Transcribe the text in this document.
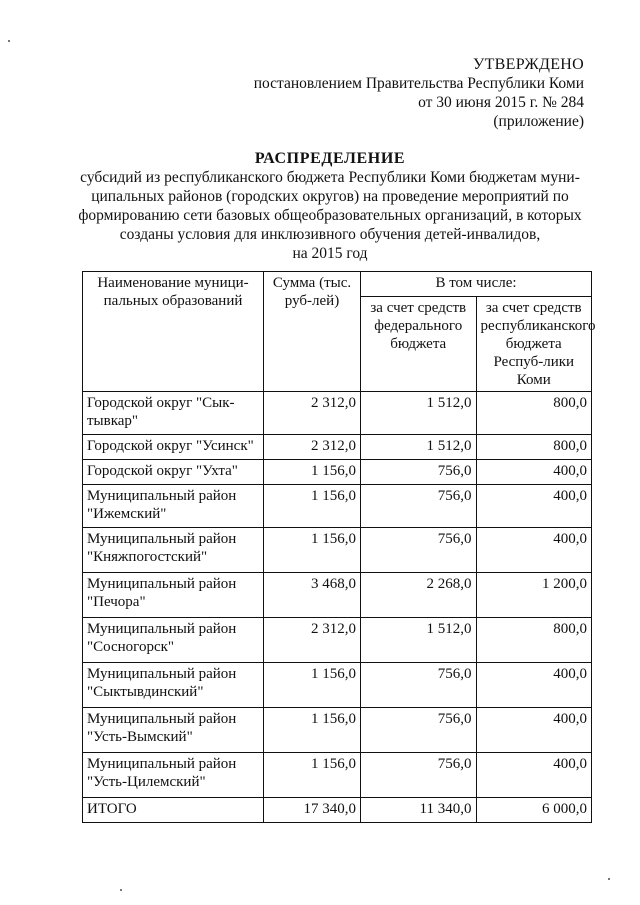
УТВЕРЖДЕНО
постановлением Правительства Республики Коми
от 30 июня 2015 г. № 284
(приложение)
РАСПРЕДЕЛЕНИЕ
субсидий из республиканского бюджета Республики Коми бюджетам муни-
ципальных районов (городских округов) на проведение мероприятий по
формированию сети базовых общеобразовательных организаций, в которых
созданы условия для инклюзивного обучения детей-инвалидов,
на 2015 год
Наименование муници-пальных образований	Сумма (тыс. руб-лей)	В том числе:	
		за счет средств федерального бюджета	за счет средств республиканского бюджета Респуб-лики Коми
Городской округ "Сык-тывкар"	2 312,0	1 512,0	800,0
Городской округ "Усинск"	2 312,0	1 512,0	800,0
Городской округ "Ухта"	1 156,0	756,0	400,0
Муниципальный район "Ижемский"	1 156,0	756,0	400,0
Муниципальный район "Княжпогостский"	1 156,0	756,0	400,0
Муниципальный район "Печора"	3 468,0	2 268,0	1 200,0
Муниципальный район "Сосногорск"	2 312,0	1 512,0	800,0
Муниципальный район "Сыктывдинский"	1 156,0	756,0	400,0
Муниципальный район "Усть-Вымский"	1 156,0	756,0	400,0
Муниципальный район "Усть-Цилемский"	1 156,0	756,0	400,0
ИТОГО	17 340,0	11 340,0	6 000,0
